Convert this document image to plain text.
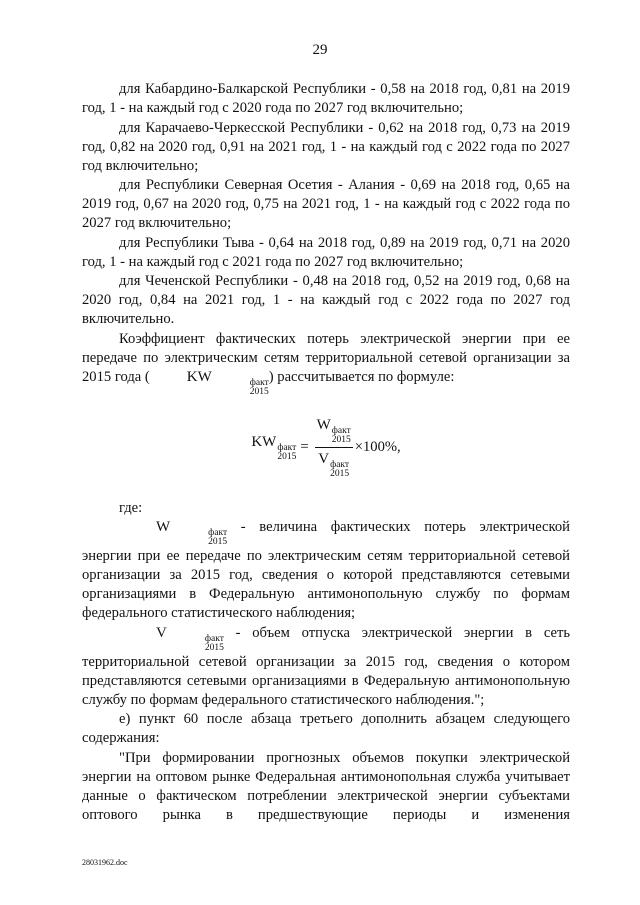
29

для Кабардино-Балкарской Республики - 0,58 на 2018 год, 0,81 на 2019 год, 1 - на каждый год с 2020 года по 2027 год включительно;

для Карачаево-Черкесской Республики - 0,62 на 2018 год, 0,73 на 2019 год, 0,82 на 2020 год, 0,91 на 2021 год, 1 - на каждый год с 2022 года по 2027 год включительно;

для Республики Северная Осетия - Алания - 0,69 на 2018 год, 0,65 на 2019 год, 0,67 на 2020 год, 0,75 на 2021 год, 1 - на каждый год с 2022 года по 2027 год включительно;

для Республики Тыва - 0,64 на 2018 год, 0,89 на 2019 год, 0,71 на 2020 год, 1 - на каждый год с 2021 года по 2027 год включительно;

для Чеченской Республики - 0,48 на 2018 год, 0,52 на 2019 год, 0,68 на 2020 год, 0,84 на 2021 год, 1 - на каждый год с 2022 года по 2027 год включительно.

Коэффициент фактических потерь электрической энергии при ее передаче по электрическим сетям территориальной сетевой организации за 2015 года ( KW	факт
2015
) рассчитывается по формуле:

KW факт
2015
= W факт
2015
V факт
2015 ×100%,

где:

W	факт
2015
- величина фактических потерь электрической энергии при ее передаче по электрическим сетям территориальной сетевой организации за 2015 год, сведения о которой представляются сетевыми организациями в Федеральную антимонопольную службу по формам федерального статистического наблюдения;

V	факт
2015
- объем отпуска электрической энергии в сеть территориальной сетевой организации за 2015 год, сведения о котором представляются сетевыми организациями в Федеральную антимонопольную службу по формам федерального статистического наблюдения.";

е) пункт 60 после абзаца третьего дополнить абзацем следующего содержания:

"При формировании прогнозных объемов покупки электрической энергии на оптовом рынке Федеральная антимонопольная служба учитывает данные о фактическом потреблении электрической энергии субъектами оптового рынка в предшествующие периоды и изменения

28031962.doc
